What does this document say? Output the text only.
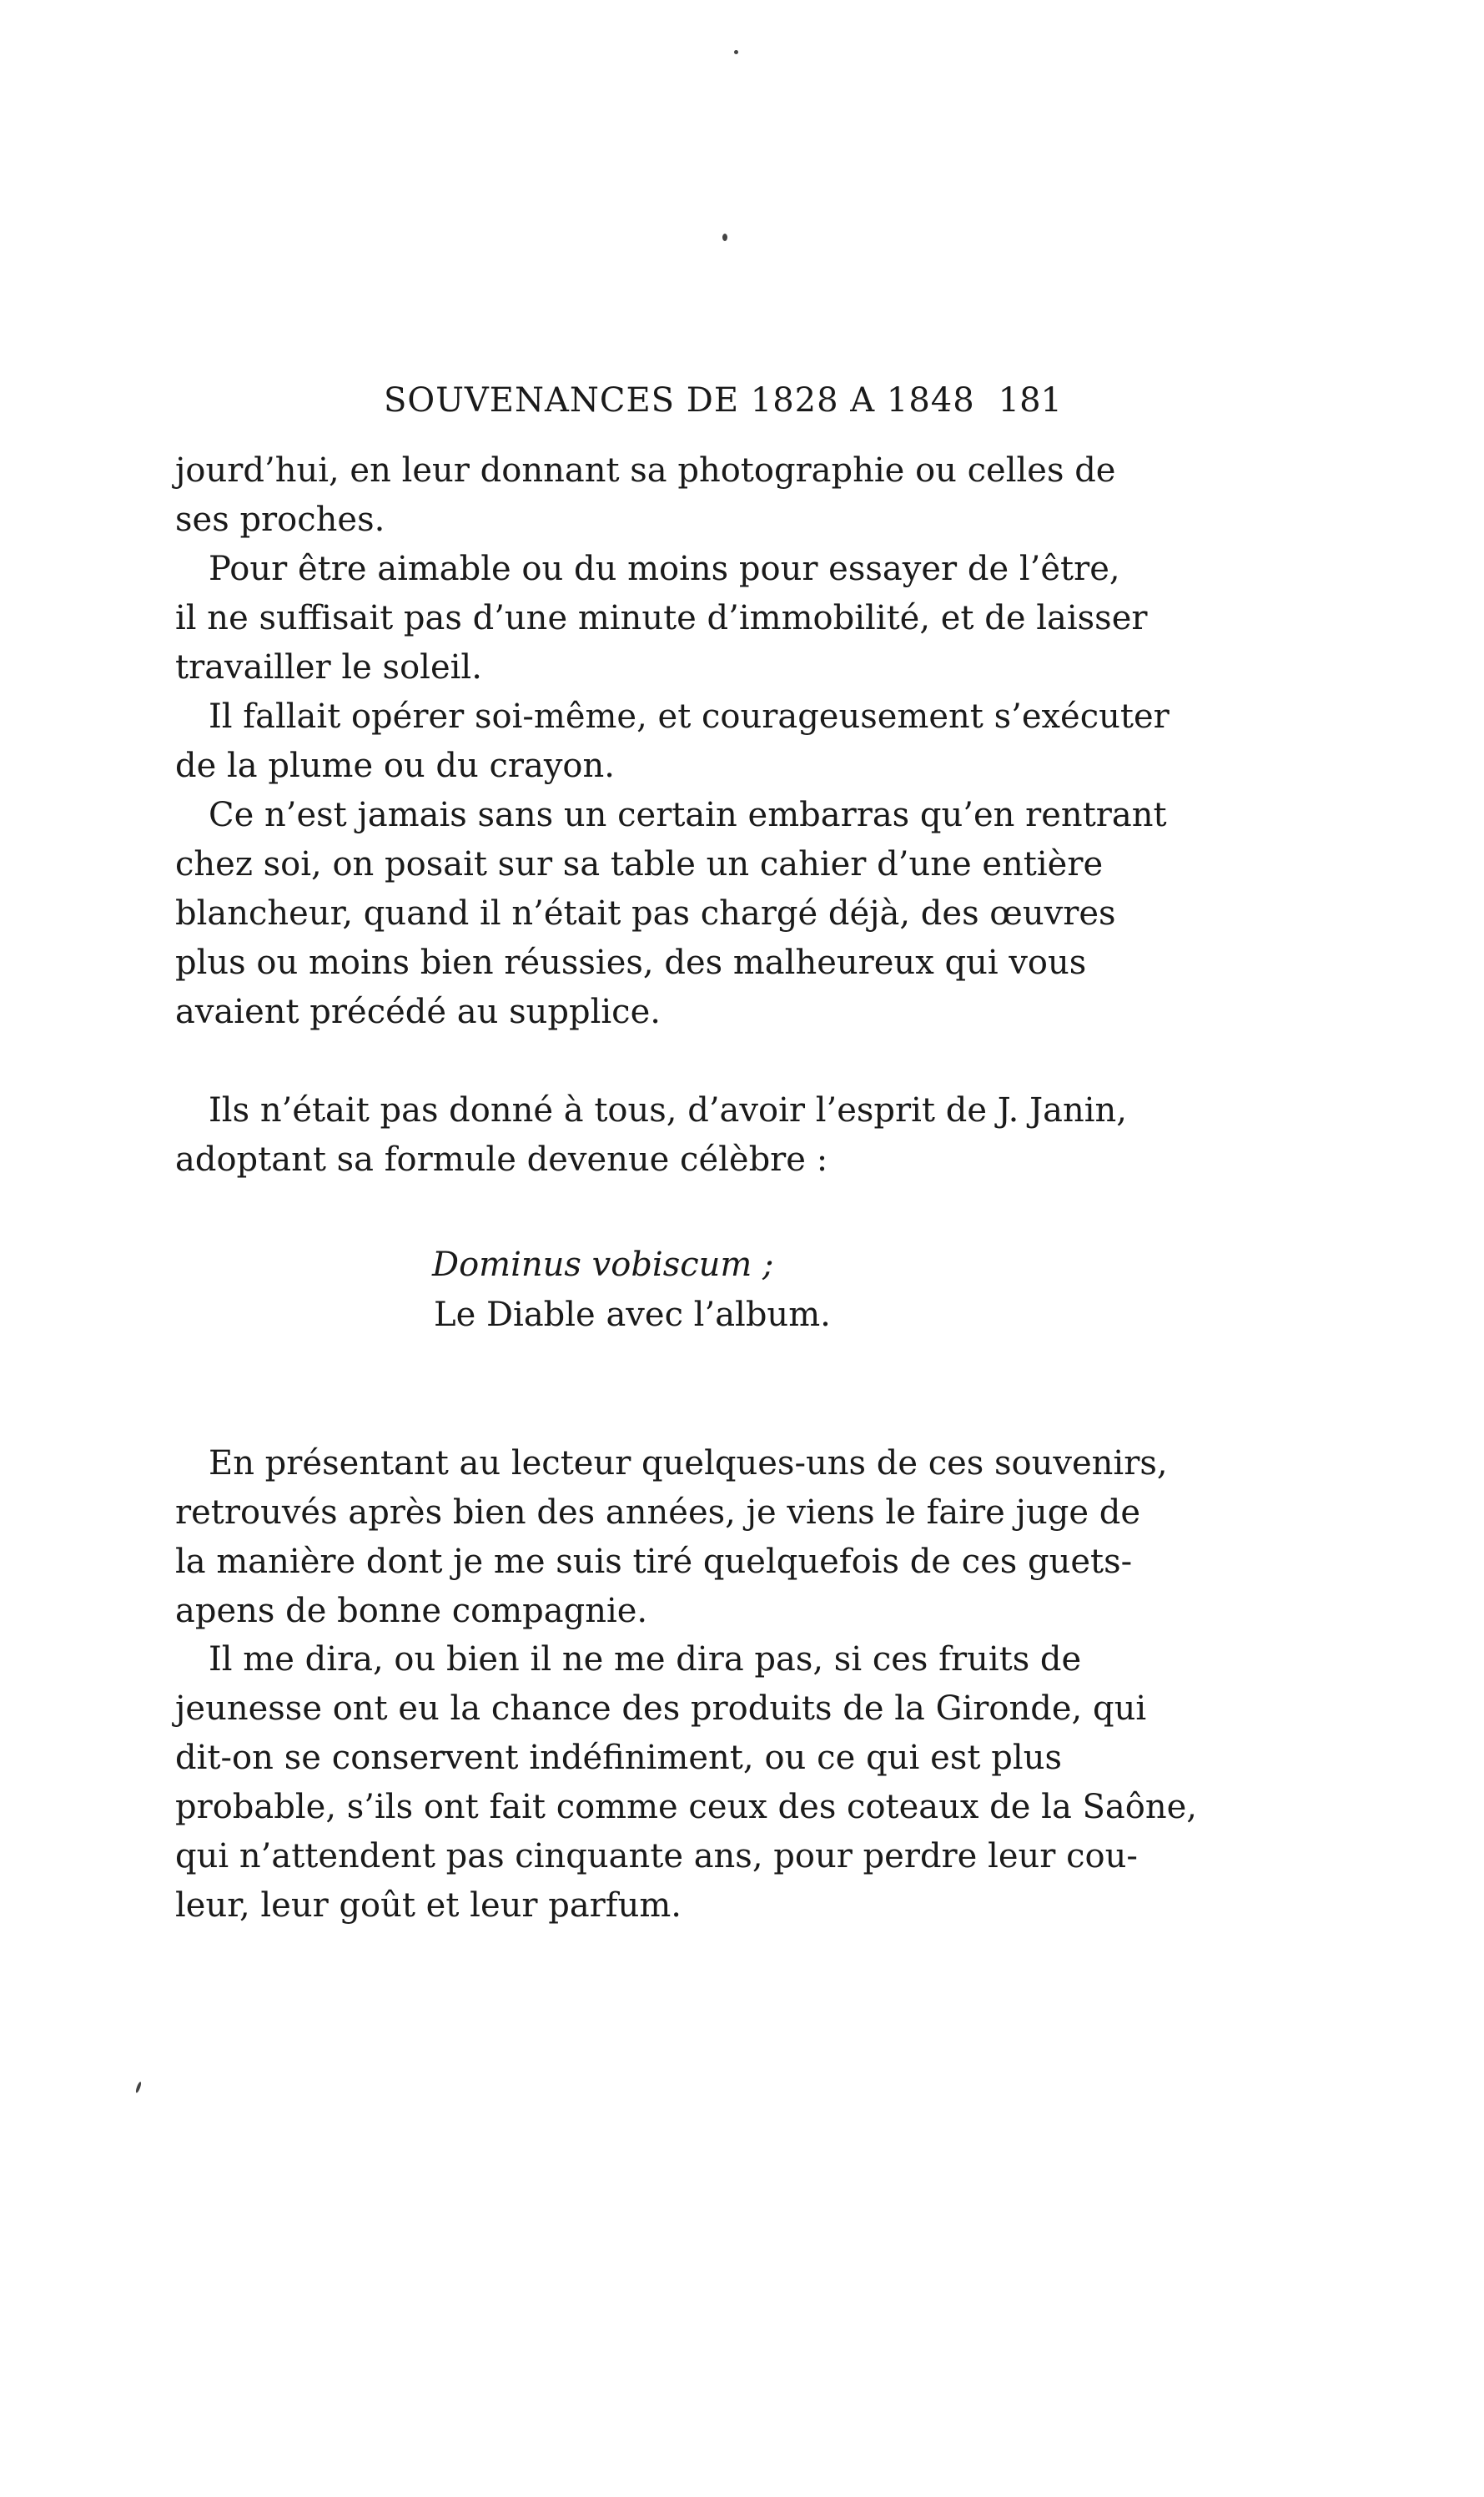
SOUVENANCES DE 1828 A 1848 181

jourd’hui, en leur donnant sa photographie ou celles de
ses proches.

Pour être aimable ou du moins pour essayer de l’être,
il ne suffisait pas d’une minute d’immobilité, et de laisser
travailler le soleil.

Il fallait opérer soi-même, et courageusement s’exécuter
de la plume ou du crayon.

Ce n’est jamais sans un certain embarras qu’en rentrant
chez soi, on posait sur sa table un cahier d’une entière
blancheur, quand il n’était pas chargé déjà, des œuvres
plus ou moins bien réussies, des malheureux qui vous
avaient précédé au supplice.

Ils n’était pas donné à tous, d’avoir l’esprit de J. Janin,
adoptant sa formule devenue célèbre :

Dominus vobiscum ;
Le Diable avec l’album.

En présentant au lecteur quelques-uns de ces souvenirs,
retrouvés après bien des années, je viens le faire juge de
la manière dont je me suis tiré quelquefois de ces guets-
apens de bonne compagnie.

Il me dira, ou bien il ne me dira pas, si ces fruits de
jeunesse ont eu la chance des produits de la Gironde, qui
dit-on se conservent indéfiniment, ou ce qui est plus
probable, s’ils ont fait comme ceux des coteaux de la Saône,
qui n’attendent pas cinquante ans, pour perdre leur cou-
leur, leur goût et leur parfum.
